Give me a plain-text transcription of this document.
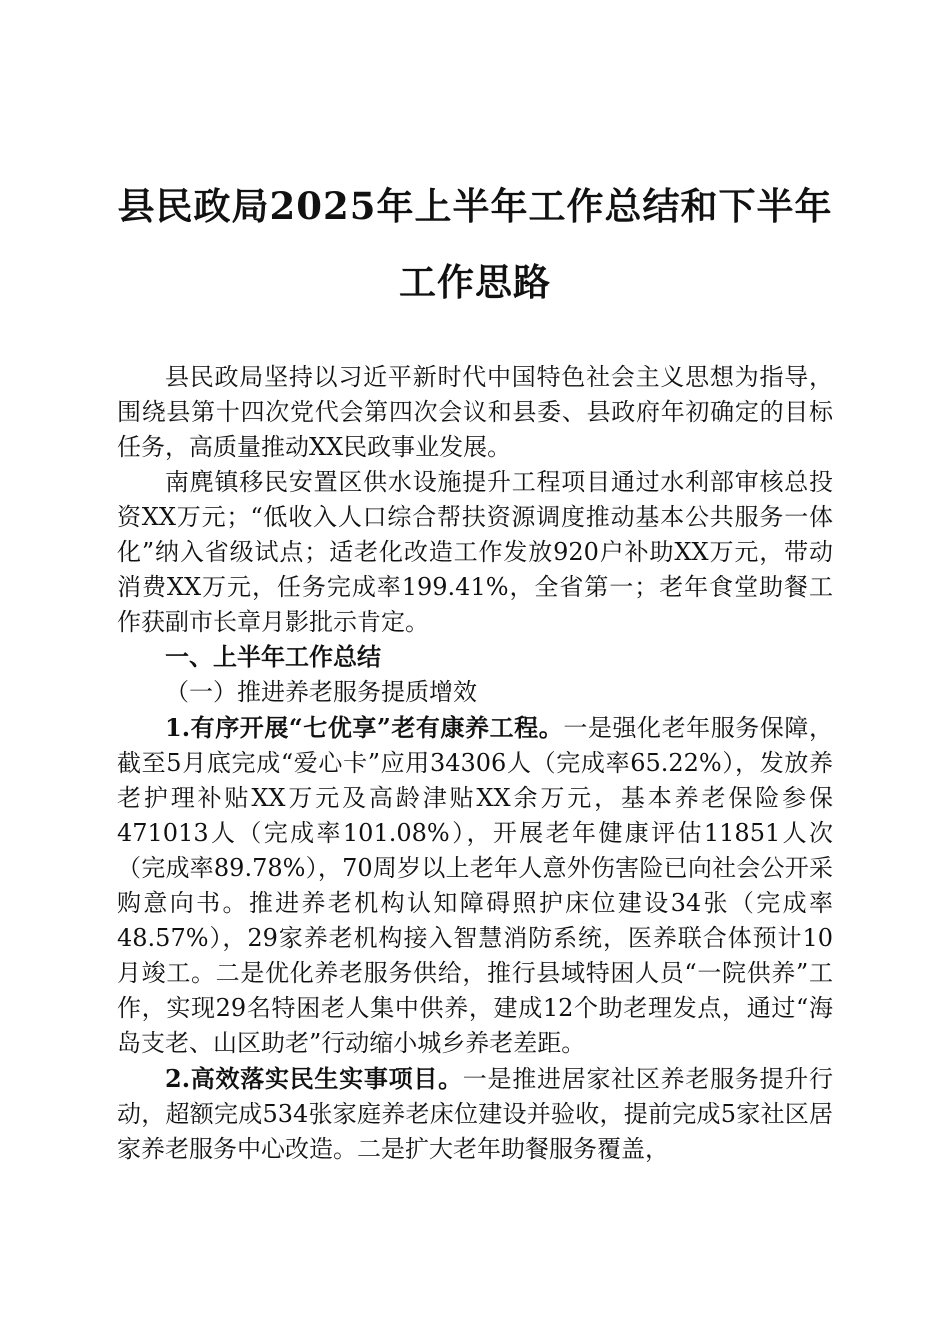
县民政局2025年上半年工作总结和下半年工作思路

县民政局坚持以习近平新时代中国特色社会主义思想为指导，围绕县第十四次党代会第四次会议和县委、县政府年初确定的目标任务，高质量推动XX民政事业发展。

南麂镇移民安置区供水设施提升工程项目通过水利部审核总投资XX万元；“低收入人口综合帮扶资源调度推动基本公共服务一体化”纳入省级试点；适老化改造工作发放920户补助XX万元，带动消费XX万元，任务完成率199.41%，全省第一；老年食堂助餐工作获副市长章月影批示肯定。

一、上半年工作总结

（一）推进养老服务提质增效

1.有序开展“七优享”老有康养工程。一是强化老年服务保障，截至5月底完成“爱心卡”应用34306人（完成率65.22%），发放养老护理补贴XX万元及高龄津贴XX余万元，基本养老保险参保471013人（完成率101.08%），开展老年健康评估11851人次（完成率89.78%），70周岁以上老年人意外伤害险已向社会公开采购意向书。推进养老机构认知障碍照护床位建设34张（完成率48.57%），29家养老机构接入智慧消防系统，医养联合体预计10月竣工。二是优化养老服务供给，推行县域特困人员“一院供养”工作，实现29名特困老人集中供养，建成12个助老理发点，通过“海岛支老、山区助老”行动缩小城乡养老差距。

2.高效落实民生实事项目。一是推进居家社区养老服务提升行动，超额完成534张家庭养老床位建设并验收，提前完成5家社区居家养老服务中心改造。二是扩大老年助餐服务覆盖，
